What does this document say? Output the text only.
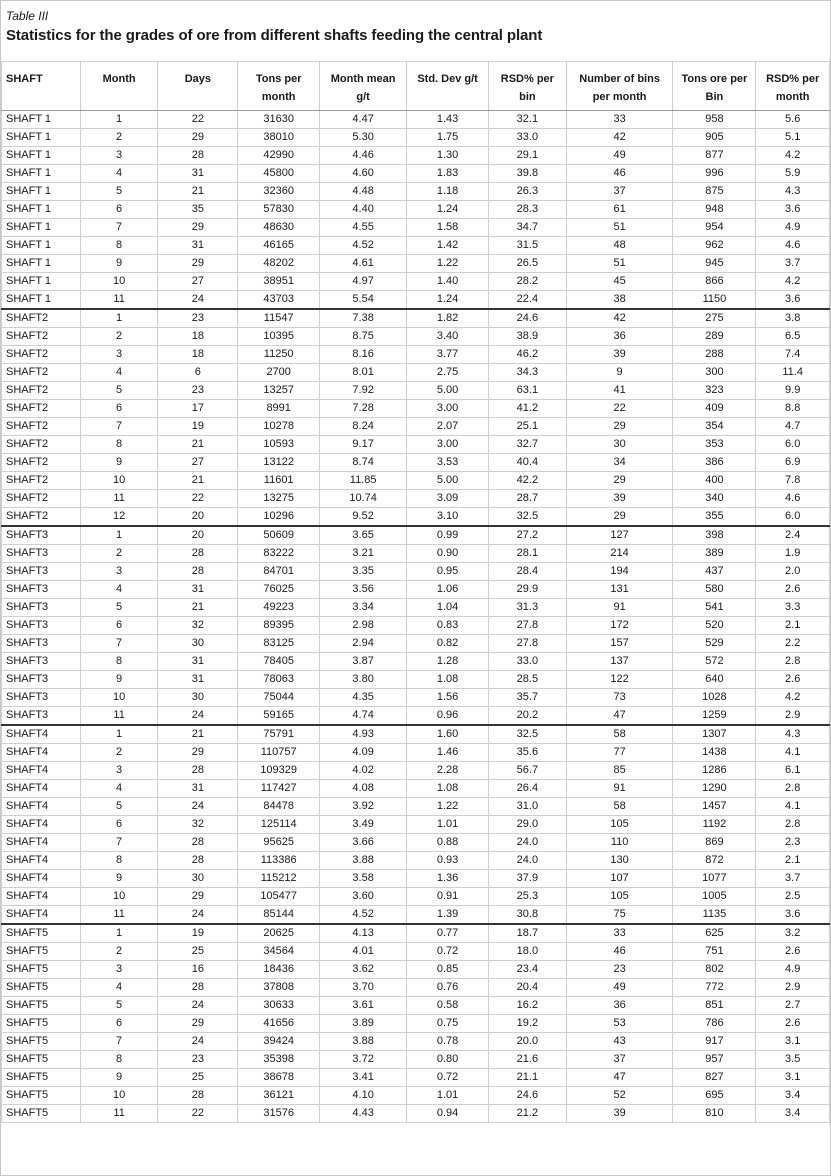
Table III
Statistics for the grades of ore from different shafts feeding the central plant
SHAFT	Month	Days	Tons per month	Month mean g/t	Std. Dev g/t	RSD% per bin	Number of bins per month	Tons ore per Bin	RSD% per month
SHAFT 1	1	22	31630	4.47	1.43	32.1	33	958	5.6
SHAFT 1	2	29	38010	5.30	1.75	33.0	42	905	5.1
SHAFT 1	3	28	42990	4.46	1.30	29.1	49	877	4.2
SHAFT 1	4	31	45800	4.60	1.83	39.8	46	996	5.9
SHAFT 1	5	21	32360	4.48	1.18	26.3	37	875	4.3
SHAFT 1	6	35	57830	4.40	1.24	28.3	61	948	3.6
SHAFT 1	7	29	48630	4.55	1.58	34.7	51	954	4.9
SHAFT 1	8	31	46165	4.52	1.42	31.5	48	962	4.6
SHAFT 1	9	29	48202	4.61	1.22	26.5	51	945	3.7
SHAFT 1	10	27	38951	4.97	1.40	28.2	45	866	4.2
SHAFT 1	11	24	43703	5.54	1.24	22.4	38	1150	3.6
SHAFT2	1	23	11547	7.38	1.82	24.6	42	275	3.8
SHAFT2	2	18	10395	8.75	3.40	38.9	36	289	6.5
SHAFT2	3	18	11250	8.16	3.77	46.2	39	288	7.4
SHAFT2	4	6	2700	8.01	2.75	34.3	9	300	11.4
SHAFT2	5	23	13257	7.92	5.00	63.1	41	323	9.9
SHAFT2	6	17	8991	7.28	3.00	41.2	22	409	8.8
SHAFT2	7	19	10278	8.24	2.07	25.1	29	354	4.7
SHAFT2	8	21	10593	9.17	3.00	32.7	30	353	6.0
SHAFT2	9	27	13122	8.74	3.53	40.4	34	386	6.9
SHAFT2	10	21	11601	11.85	5.00	42.2	29	400	7.8
SHAFT2	11	22	13275	10.74	3.09	28.7	39	340	4.6
SHAFT2	12	20	10296	9.52	3.10	32.5	29	355	6.0
SHAFT3	1	20	50609	3.65	0.99	27.2	127	398	2.4
SHAFT3	2	28	83222	3.21	0.90	28.1	214	389	1.9
SHAFT3	3	28	84701	3.35	0.95	28.4	194	437	2.0
SHAFT3	4	31	76025	3.56	1.06	29.9	131	580	2.6
SHAFT3	5	21	49223	3.34	1.04	31.3	91	541	3.3
SHAFT3	6	32	89395	2.98	0.83	27.8	172	520	2.1
SHAFT3	7	30	83125	2.94	0.82	27.8	157	529	2.2
SHAFT3	8	31	78405	3.87	1.28	33.0	137	572	2.8
SHAFT3	9	31	78063	3.80	1.08	28.5	122	640	2.6
SHAFT3	10	30	75044	4.35	1.56	35.7	73	1028	4.2
SHAFT3	11	24	59165	4.74	0.96	20.2	47	1259	2.9
SHAFT4	1	21	75791	4.93	1.60	32.5	58	1307	4.3
SHAFT4	2	29	110757	4.09	1.46	35.6	77	1438	4.1
SHAFT4	3	28	109329	4.02	2.28	56.7	85	1286	6.1
SHAFT4	4	31	117427	4.08	1.08	26.4	91	1290	2.8
SHAFT4	5	24	84478	3.92	1.22	31.0	58	1457	4.1
SHAFT4	6	32	125114	3.49	1.01	29.0	105	1192	2.8
SHAFT4	7	28	95625	3.66	0.88	24.0	110	869	2.3
SHAFT4	8	28	113386	3.88	0.93	24.0	130	872	2.1
SHAFT4	9	30	115212	3.58	1.36	37.9	107	1077	3.7
SHAFT4	10	29	105477	3.60	0.91	25.3	105	1005	2.5
SHAFT4	11	24	85144	4.52	1.39	30.8	75	1135	3.6
SHAFT5	1	19	20625	4.13	0.77	18.7	33	625	3.2
SHAFT5	2	25	34564	4.01	0.72	18.0	46	751	2.6
SHAFT5	3	16	18436	3.62	0.85	23.4	23	802	4.9
SHAFT5	4	28	37808	3.70	0.76	20.4	49	772	2.9
SHAFT5	5	24	30633	3.61	0.58	16.2	36	851	2.7
SHAFT5	6	29	41656	3.89	0.75	19.2	53	786	2.6
SHAFT5	7	24	39424	3.88	0.78	20.0	43	917	3.1
SHAFT5	8	23	35398	3.72	0.80	21.6	37	957	3.5
SHAFT5	9	25	38678	3.41	0.72	21.1	47	827	3.1
SHAFT5	10	28	36121	4.10	1.01	24.6	52	695	3.4
SHAFT5	11	22	31576	4.43	0.94	21.2	39	810	3.4
